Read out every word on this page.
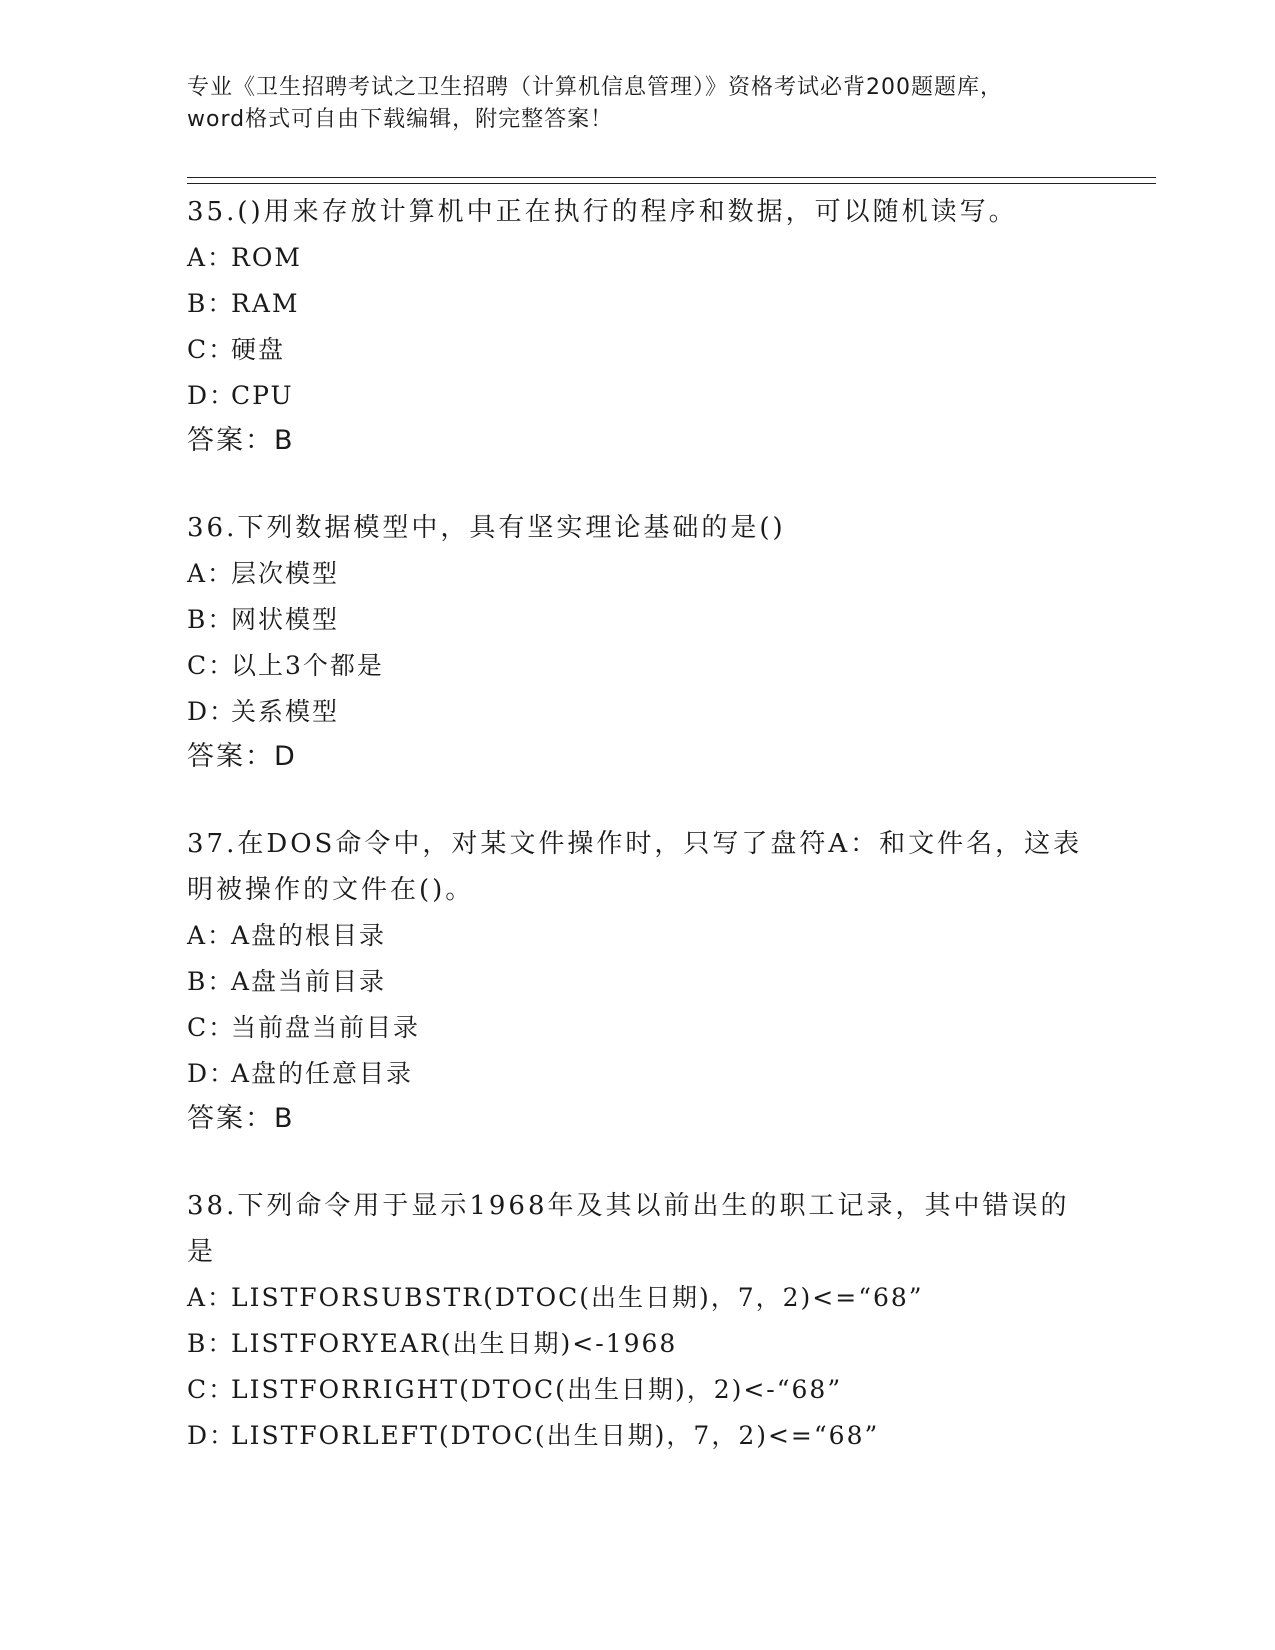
专业《卫生招聘考试之卫生招聘（计算机信息管理）》资格考试必背200题题库，
word格式可自由下载编辑，附完整答案！
35.()用来存放计算机中正在执行的程序和数据，可以随机读写。
A：
ROM
B：
RAM
C：
硬盘
D：
CPU
答案：B
36.下列数据模型中，具有坚实理论基础的是()
A：
层次模型
B：
网状模型
C：
以上3个都是
D：
关系模型
答案：D
37.在DOS命令中，对某文件操作时，只写了盘符A：和文件名，这表
明被操作的文件在()。
A：
A盘的根目录
B：
A盘当前目录
C：
当前盘当前目录
D：
A盘的任意目录
答案：B
38.下列命令用于显示1968年及其以前出生的职工记录，其中错误的
是
A：
LISTFORSUBSTR(DTOC(出生日期)，7，2)<=“68”
B：
LISTFORYEAR(出生日期)<-1968
C：
LISTFORRIGHT(DTOC(出生日期)，2)<-“68”
D：
LISTFORLEFT(DTOC(出生日期)，7，2)<=“68”
